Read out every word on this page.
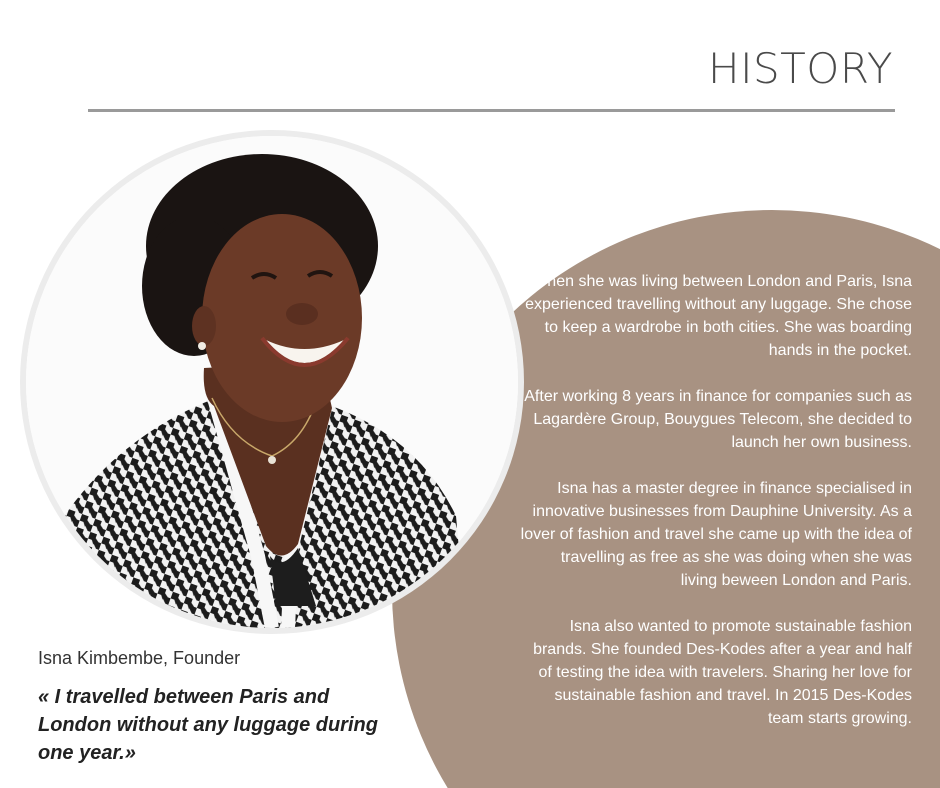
HISTORY

When she was living between London and Paris, Isna experienced travelling without any luggage. She chose to keep a wardrobe in both cities. She was boarding hands in the pocket.

After working 8 years in finance for companies such as Lagardère Group, Bouygues Telecom, she decided to launch her own business.

Isna has a master degree in finance specialised in innovative businesses from Dauphine University. As a lover of fashion and travel she came up with the idea of travelling as free as she was doing when she was living beween London and Paris.

Isna also wanted to promote sustainable fashion brands. She founded Des-Kodes after a year and half of testing the idea with travelers. Sharing her love for sustainable fashion and travel. In 2015 Des-Kodes team starts growing.

Isna Kimbembe, Founder
« I travelled between Paris and London without any luggage during one year.»
